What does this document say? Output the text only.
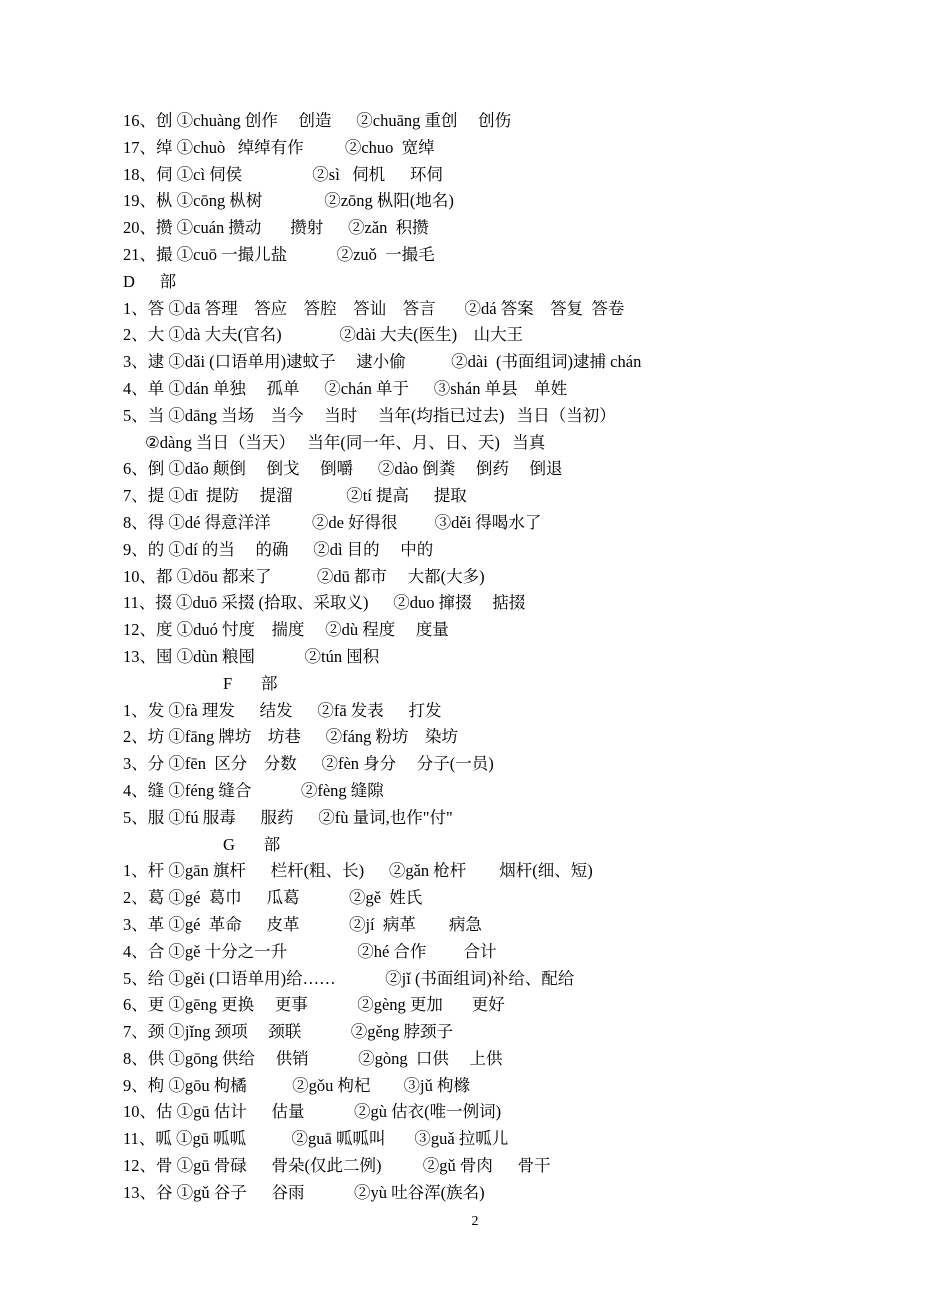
16、创 ①chuàng 创作     创造      ②chuāng 重创     创伤
17、绰 ①chuò   绰绰有作          ②chuo  宽绰
18、伺 ①cì 伺侯                 ②sì   伺机      环伺
19、枞 ①cōng 枞树               ②zōng 枞阳(地名)
20、攒 ①cuán 攒动       攒射      ②zǎn  积攒
21、撮 ①cuō 一撮儿盐            ②zuǒ  一撮毛
D      部
1、答 ①dā 答理    答应    答腔    答讪    答言       ②dá 答案    答复  答卷
2、大 ①dà 大夫(官名)              ②dài 大夫(医生)    山大王
3、逮 ①dǎi (口语单用)逮蚊子     逮小偷           ②dài  (书面组词)逮捕 chán
4、单 ①dán 单独     孤单      ②chán 单于      ③shán 单县    单姓
5、当 ①dāng 当场    当今     当时     当年(均指已过去)   当日（当初）
②dàng 当日（当天）   当年(同一年、月、日、天)   当真
6、倒 ①dǎo 颠倒     倒戈     倒嚼      ②dào 倒粪     倒药     倒退
7、提 ①dī  提防     提溜             ②tí 提高      提取
8、得 ①dé 得意洋洋          ②de 好得很         ③děi 得喝水了
9、的 ①dí 的当     的确      ②dì 目的     中的
10、都 ①dōu 都来了           ②dū 都市     大都(大多)
11、掇 ①duō 采掇 (拾取、采取义)      ②duo 撺掇     掂掇
12、度 ①duó 忖度    揣度     ②dù 程度     度量
13、囤 ①dùn 粮囤            ②tún 囤积
F       部
1、发 ①fà 理发      结发      ②fā 发表      打发
2、坊 ①fāng 牌坊    坊巷      ②fáng 粉坊    染坊
3、分 ①fēn  区分    分数      ②fèn 身分     分子(一员)
4、缝 ①féng 缝合            ②fèng 缝隙
5、服 ①fú 服毒      服药      ②fù 量词,也作"付"
G       部
1、杆 ①gān 旗杆      栏杆(粗、长)      ②gǎn 枪杆        烟杆(细、短)
2、葛 ①gé  葛巾      瓜葛            ②gě  姓氏
3、革 ①gé  革命      皮革            ②jí  病革        病急
4、合 ①gě 十分之一升                 ②hé 合作         合计
5、给 ①gěi (口语单用)给……            ②jǐ (书面组词)补给、配给
6、更 ①gēng 更换     更事            ②gèng 更加       更好
7、颈 ①jǐng 颈项     颈联            ②gěng 脖颈子
8、供 ①gōng 供给     供销            ②gòng  口供     上供
9、枸 ①gōu 枸橘           ②gǒu 枸杞        ③jǔ 枸橼
10、估 ①gū 估计      估量            ②gù 估衣(唯一例词)
11、呱 ①gū 呱呱           ②guā 呱呱叫       ③guǎ 拉呱儿
12、骨 ①gū 骨碌      骨朵(仅此二例)          ②gǔ 骨肉      骨干
13、谷 ①gǔ 谷子      谷雨            ②yù 吐谷浑(族名)
2
